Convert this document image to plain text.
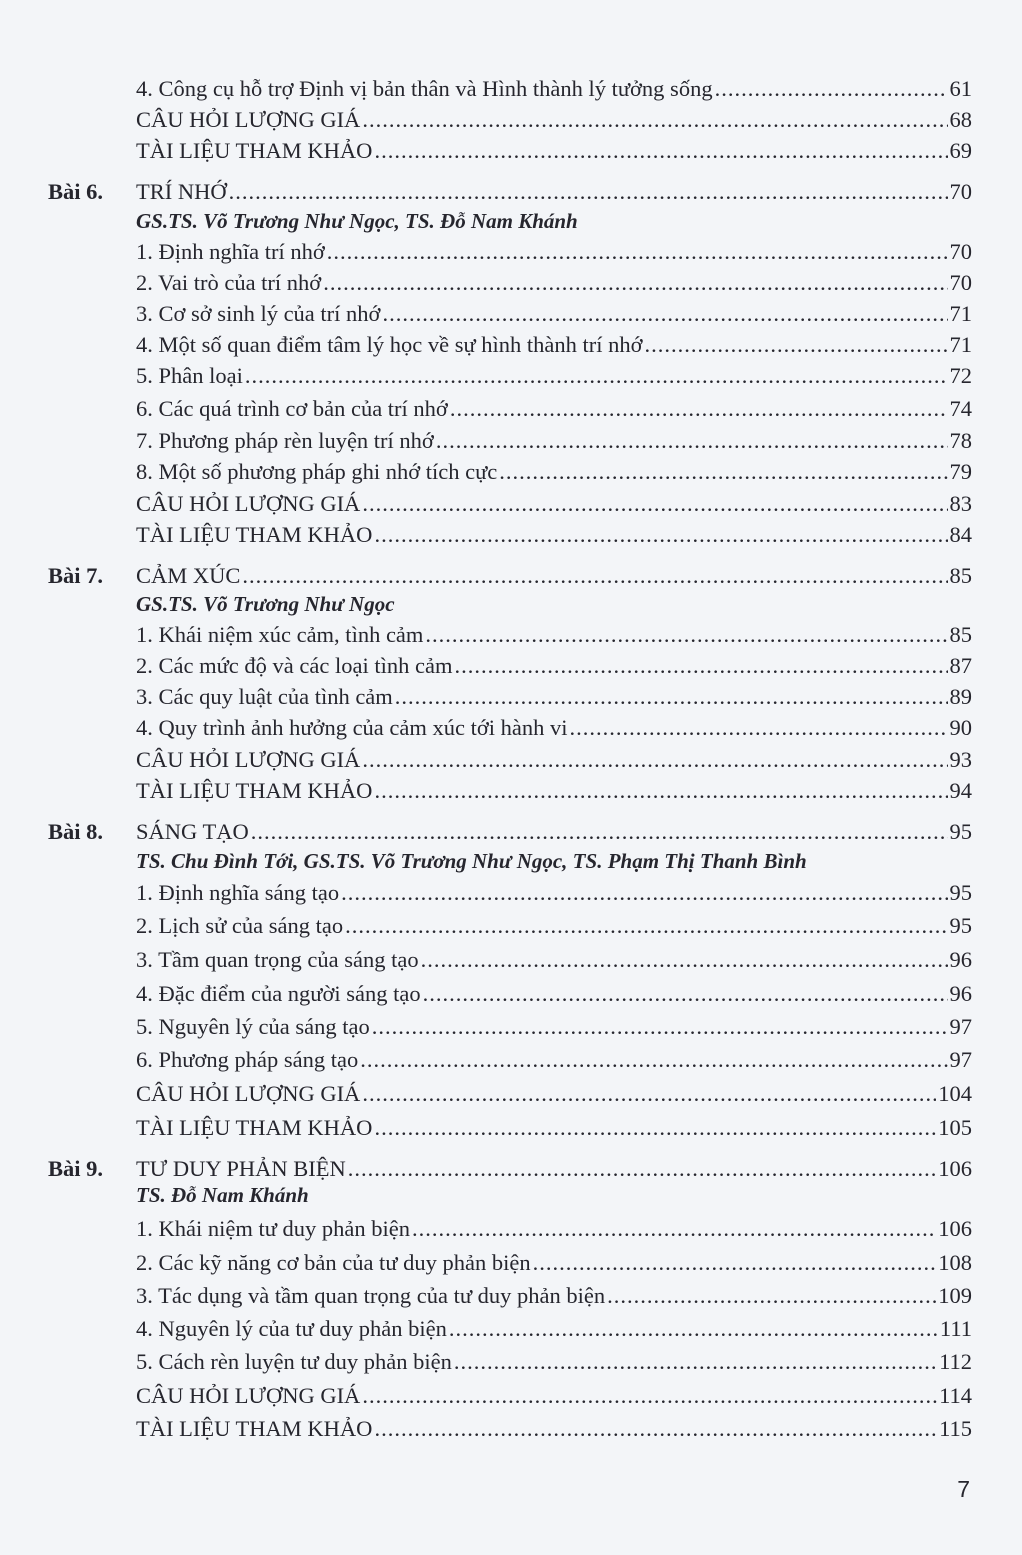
4. Công cụ hỗ trợ Định vị bản thân và Hình thành lý tưởng sống .....	61
CÂU HỎI LƯỢNG GIÁ .....	68
TÀI LIỆU THAM KHẢO .....	69
Bài 6.	TRÍ NHỚ .....	70
GS.TS. Võ Trương Như Ngọc, TS. Đỗ Nam Khánh
1. Định nghĩa trí nhớ .....	70
2. Vai trò của trí nhớ .....	70
3. Cơ sở sinh lý của trí nhớ .....	71
4. Một số quan điểm tâm lý học về sự hình thành trí nhớ .....	71
5. Phân loại .....	72
6. Các quá trình cơ bản của trí nhớ .....	74
7. Phương pháp rèn luyện trí nhớ .....	78
8. Một số phương pháp ghi nhớ tích cực .....	79
CÂU HỎI LƯỢNG GIÁ .....	83
TÀI LIỆU THAM KHẢO .....	84
Bài 7.	CẢM XÚC .....	85
GS.TS. Võ Trương Như Ngọc
1. Khái niệm xúc cảm, tình cảm .....	85
2. Các mức độ và các loại tình cảm .....	87
3. Các quy luật của tình cảm .....	89
4. Quy trình ảnh hưởng của cảm xúc tới hành vi .....	90
CÂU HỎI LƯỢNG GIÁ .....	93
TÀI LIỆU THAM KHẢO .....	94
Bài 8.	SÁNG TẠO .....	95
TS. Chu Đình Tới, GS.TS. Võ Trương Như Ngọc, TS. Phạm Thị Thanh Bình
1. Định nghĩa sáng tạo .....	95
2. Lịch sử của sáng tạo .....	95
3. Tầm quan trọng của sáng tạo .....	96
4. Đặc điểm của người sáng tạo .....	96
5. Nguyên lý của sáng tạo .....	97
6. Phương pháp sáng tạo .....	97
CÂU HỎI LƯỢNG GIÁ .....	104
TÀI LIỆU THAM KHẢO .....	105
Bài 9.	TƯ DUY PHẢN BIỆN .....	106
TS. Đỗ Nam Khánh
1. Khái niệm tư duy phản biện .....	106
2. Các kỹ năng cơ bản của tư duy phản biện .....	108
3. Tác dụng và tầm quan trọng của tư duy phản biện .....	109
4. Nguyên lý của tư duy phản biện .....	111
5. Cách rèn luyện tư duy phản biện .....	112
CÂU HỎI LƯỢNG GIÁ .....	114
TÀI LIỆU THAM KHẢO .....	115
7
